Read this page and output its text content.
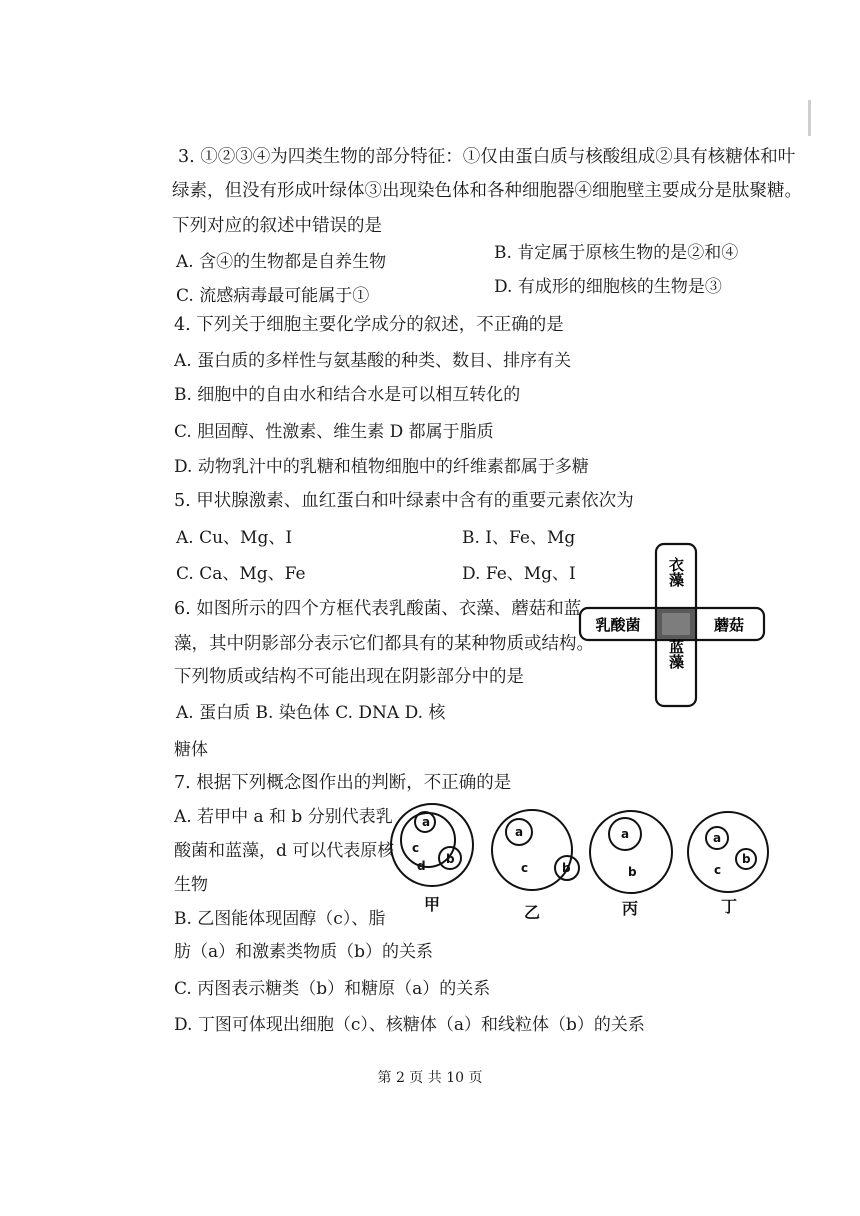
3. ①②③④为四类生物的部分特征：①仅由蛋白质与核酸组成②具有核糖体和叶
绿素，但没有形成叶绿体③出现染色体和各种细胞器④细胞壁主要成分是肽聚糖。
下列对应的叙述中错误的是
A. 含④的生物都是自养生物	B. 肯定属于原核生物的是②和④
C. 流感病毒最可能属于①	D. 有成形的细胞核的生物是③
4. 下列关于细胞主要化学成分的叙述，不正确的是
A. 蛋白质的多样性与氨基酸的种类、数目、排序有关
B. 细胞中的自由水和结合水是可以相互转化的
C. 胆固醇、性激素、维生素 D 都属于脂质
D. 动物乳汁中的乳糖和植物细胞中的纤维素都属于多糖
5. 甲状腺激素、血红蛋白和叶绿素中含有的重要元素依次为
A. Cu、Mg、I	B. I、Fe、Mg
C. Ca、Mg、Fe	D. Fe、Mg、I
6. 如图所示的四个方框代表乳酸菌、衣藻、蘑菇和蓝
藻，其中阴影部分表示它们都具有的某种物质或结构。
下列物质或结构不可能出现在阴影部分中的是
A. 蛋白质 B. 染色体 C. DNA D. 核
糖体
衣藻
乳酸菌	蘑菇
蓝藻
7. 根据下列概念图作出的判断，不正确的是
A. 若甲中 a 和 b 分别代表乳
酸菌和蓝藻，d 可以代表原核
生物
B. 乙图能体现固醇（c）、脂
肪（a）和激素类物质（b）的关系
C. 丙图表示糖类（b）和糖原（a）的关系
D. 丁图可体现出细胞（c）、核糖体（a）和线粒体（b）的关系
a
c
d b
a
c	b
a
b
a
c
b
甲	乙	丙	丁
第 2 页 共 10 页
